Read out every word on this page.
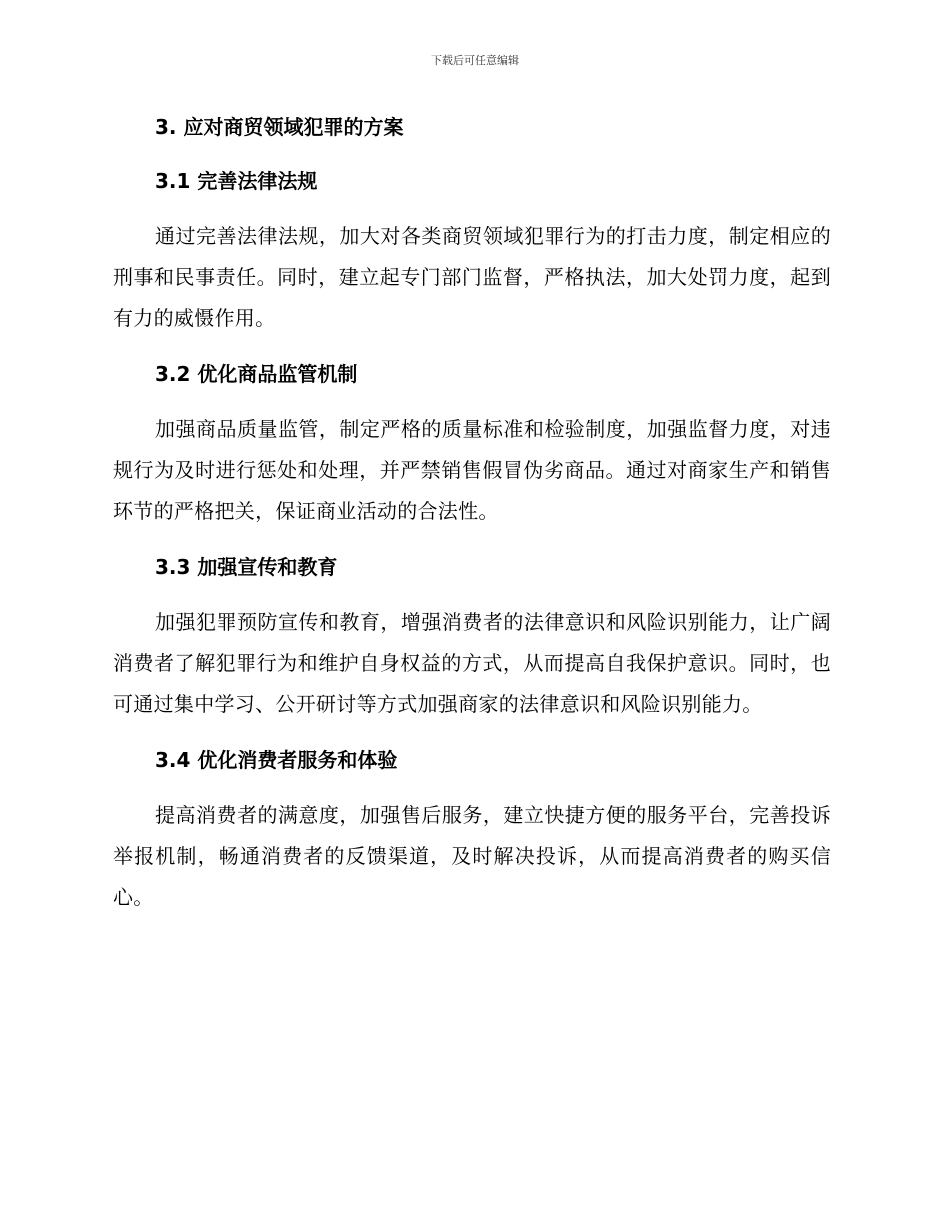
下载后可任意编辑
3. 应对商贸领域犯罪的方案
3.1 完善法律法规

通过完善法律法规，加大对各类商贸领域犯罪行为的打击力度，制定相应的刑事和民事责任。同时，建立起专门部门监督，严格执法，加大处罚力度，起到有力的威慑作用。

3.2 优化商品监管机制

加强商品质量监管，制定严格的质量标准和检验制度，加强监督力度，对违规行为及时进行惩处和处理，并严禁销售假冒伪劣商品。通过对商家生产和销售环节的严格把关，保证商业活动的合法性。

3.3 加强宣传和教育

加强犯罪预防宣传和教育，增强消费者的法律意识和风险识别能力，让广阔消费者了解犯罪行为和维护自身权益的方式，从而提高自我保护意识。同时，也可通过集中学习、公开研讨等方式加强商家的法律意识和风险识别能力。

3.4 优化消费者服务和体验

提高消费者的满意度，加强售后服务，建立快捷方便的服务平台，完善投诉举报机制，畅通消费者的反馈渠道，及时解决投诉，从而提高消费者的购买信心。
